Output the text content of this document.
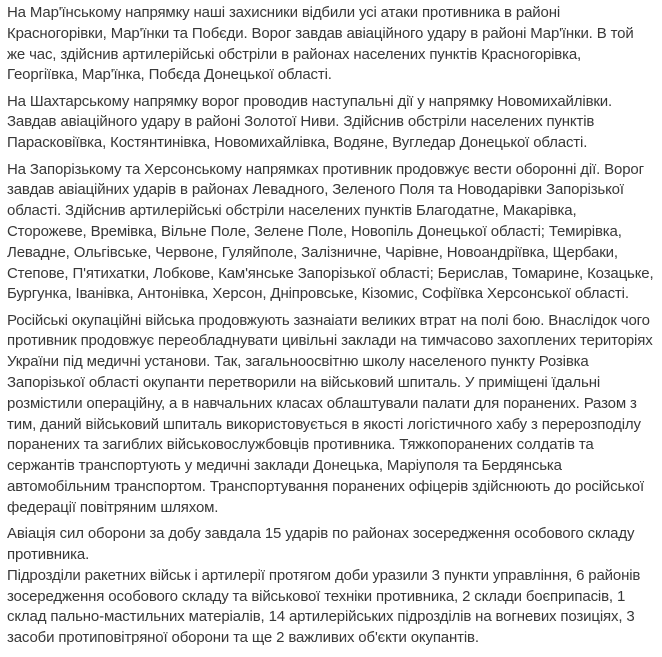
На Мар'їнському напрямку наші захисники відбили усі атаки противника в районі Красногорівки, Мар'їнки та Побєди. Ворог завдав авіаційного удару в районі Мар'їнки. В той же час, здійснив артилерійські обстріли в районах населених пунктів Красногорівка, Георгіївка, Мар'їнка, Побєда Донецької області.

На Шахтарському напрямку ворог проводив наступальні дії у напрямку Новомихайлівки. Завдав авіаційного удару в районі Золотої Ниви. Здійснив обстріли населених пунктів Парасковіївка, Костянтинівка, Новомихайлівка, Водяне, Вугледар Донецької області.

На Запорізькому та Херсонському напрямках противник продовжує вести оборонні дії. Ворог завдав авіаційних ударів в районах Левадного, Зеленого Поля та Новодарівки Запорізької області. Здійснив артилерійські обстріли населених пунктів Благодатне, Макарівка, Сторожеве, Времівка, Вільне Поле, Зелене Поле, Новопіль Донецької області; Темирівка, Левадне, Ольгівське, Червоне, Гуляйполе, Залізничне, Чарівне, Новоандріївка, Щербаки, Степове, П'ятихатки, Лобкове, Кам'янське Запорізької області; Берислав, Томарине, Козацьке, Бургунка, Іванівка, Антонівка, Херсон, Дніпровське, Кізомис, Софіївка Херсонської області.

Російські окупаційні війська продовжують зазнаіати великих втрат на полі бою. Внаслідок чого противник продовжує переобладнувати цивільні заклади на тимчасово захоплених територіях України під медичні установи. Так, загальноосвітню школу населеного пункту Розівка Запорізької області окупанти перетворили на військовий шпиталь. У приміщені їдальні розмістили операційну, а в навчальних класах облаштували палати для поранених. Разом з тим, даний військовий шпиталь використовується в якості логістичного хабу з перерозподілу поранених та загиблих військовослужбовців противника. Тяжкопоранених солдатів та сержантів транспортують у медичні заклади Донецька, Маріуполя та Бердянська автомобільним транспортом. Транспортування поранених офіцерів здійснюють до російської федерації повітряним шляхом.

Авіація сил оборони за добу завдала 15 ударів по районах зосередження особового складу противника.

Підрозділи ракетних військ і артилерії протягом доби уразили 3 пункти управління, 6 районів зосередження особового складу та військової техніки противника, 2 склади боєприпасів, 1 склад пально-мастильних матеріалів, 14 артилерійських підрозділів на вогневих позиціях, 3 засоби протиповітряної оборони та ще 2 важливих об'єкти окупантів.
